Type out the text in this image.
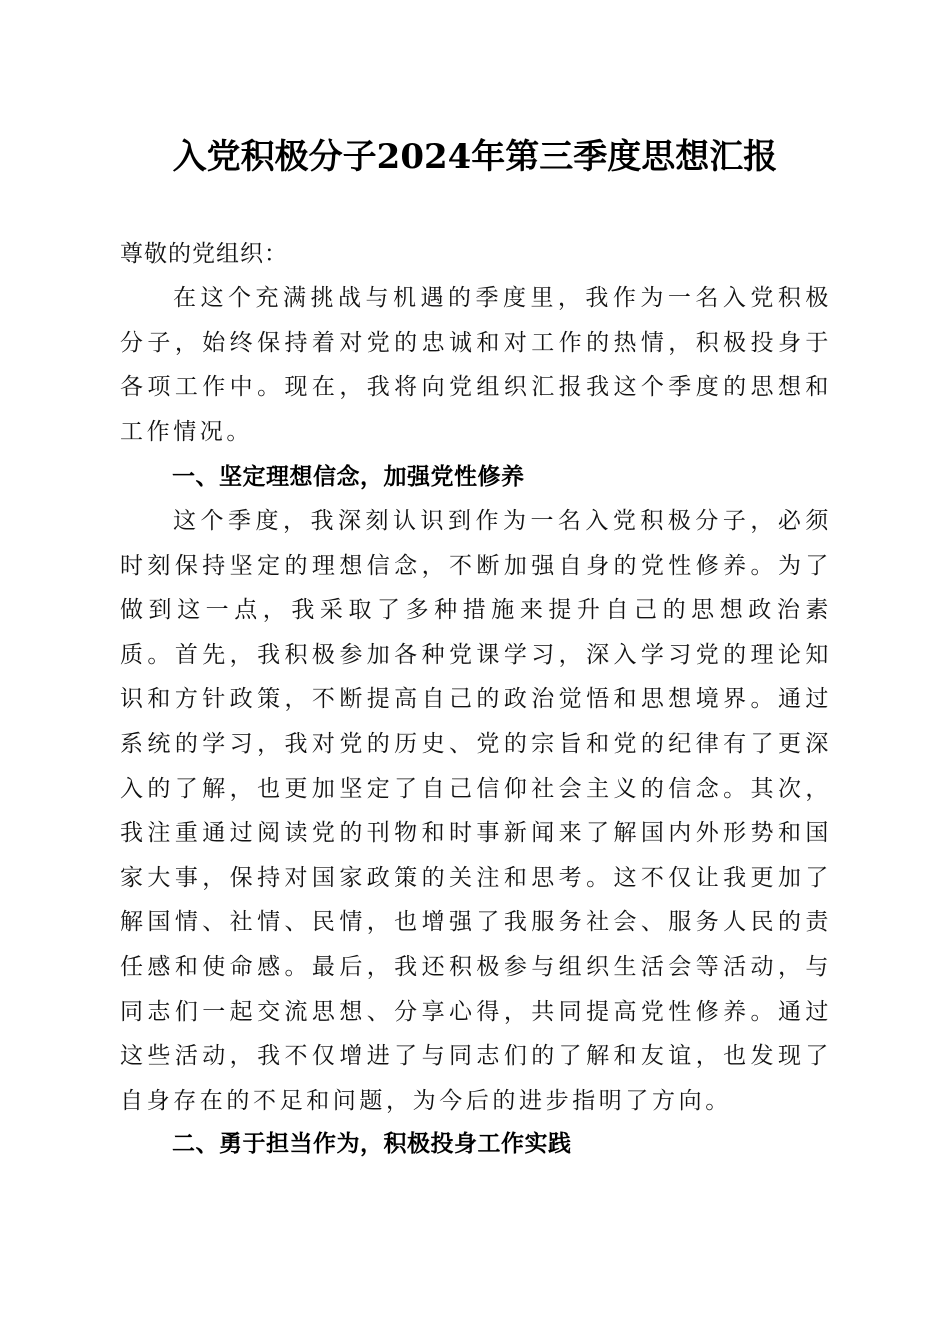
入党积极分子2024年第三季度思想汇报

尊敬的党组织：

在这个充满挑战与机遇的季度里，我作为一名入党积极分子，始终保持着对党的忠诚和对工作的热情，积极投身于各项工作中。现在，我将向党组织汇报我这个季度的思想和工作情况。

一、坚定理想信念，加强党性修养

这个季度，我深刻认识到作为一名入党积极分子，必须时刻保持坚定的理想信念，不断加强自身的党性修养。为了做到这一点，我采取了多种措施来提升自己的思想政治素质。首先，我积极参加各种党课学习，深入学习党的理论知识和方针政策，不断提高自己的政治觉悟和思想境界。通过系统的学习，我对党的历史、党的宗旨和党的纪律有了更深入的了解，也更加坚定了自己信仰社会主义的信念。其次，我注重通过阅读党的刊物和时事新闻来了解国内外形势和国家大事，保持对国家政策的关注和思考。这不仅让我更加了解国情、社情、民情，也增强了我服务社会、服务人民的责任感和使命感。最后，我还积极参与组织生活会等活动，与同志们一起交流思想、分享心得，共同提高党性修养。通过这些活动，我不仅增进了与同志们的了解和友谊，也发现了自身存在的不足和问题，为今后的进步指明了方向。

二、勇于担当作为，积极投身工作实践
